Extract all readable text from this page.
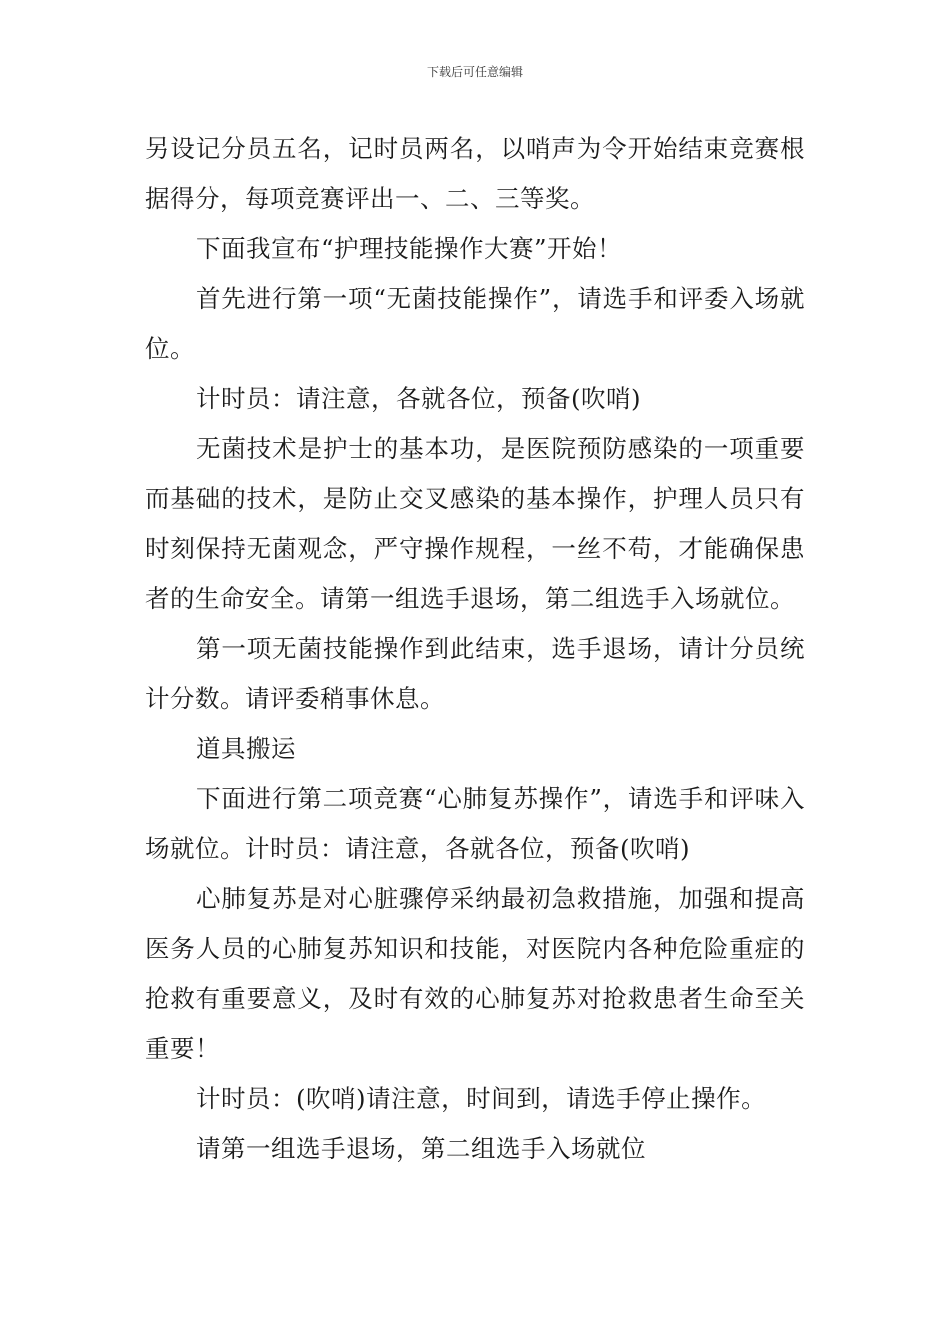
下载后可任意编辑

另设记分员五名，记时员两名，以哨声为令开始结束竞赛根据得分，每项竞赛评出一、二、三等奖。

下面我宣布“护理技能操作大赛”开始！

首先进行第一项“无菌技能操作”，请选手和评委入场就位。

计时员：请注意，各就各位，预备(吹哨)

无菌技术是护士的基本功，是医院预防感染的一项重要而基础的技术，是防止交叉感染的基本操作，护理人员只有时刻保持无菌观念，严守操作规程，一丝不苟，才能确保患者的生命安全。请第一组选手退场，第二组选手入场就位。

第一项无菌技能操作到此结束，选手退场，请计分员统计分数。请评委稍事休息。

道具搬运

下面进行第二项竞赛“心肺复苏操作”，请选手和评味入场就位。计时员：请注意，各就各位，预备(吹哨)

心肺复苏是对心脏骤停采纳最初急救措施，加强和提高医务人员的心肺复苏知识和技能，对医院内各种危险重症的抢救有重要意义，及时有效的心肺复苏对抢救患者生命至关重要！

计时员：(吹哨)请注意，时间到，请选手停止操作。

请第一组选手退场，第二组选手入场就位
